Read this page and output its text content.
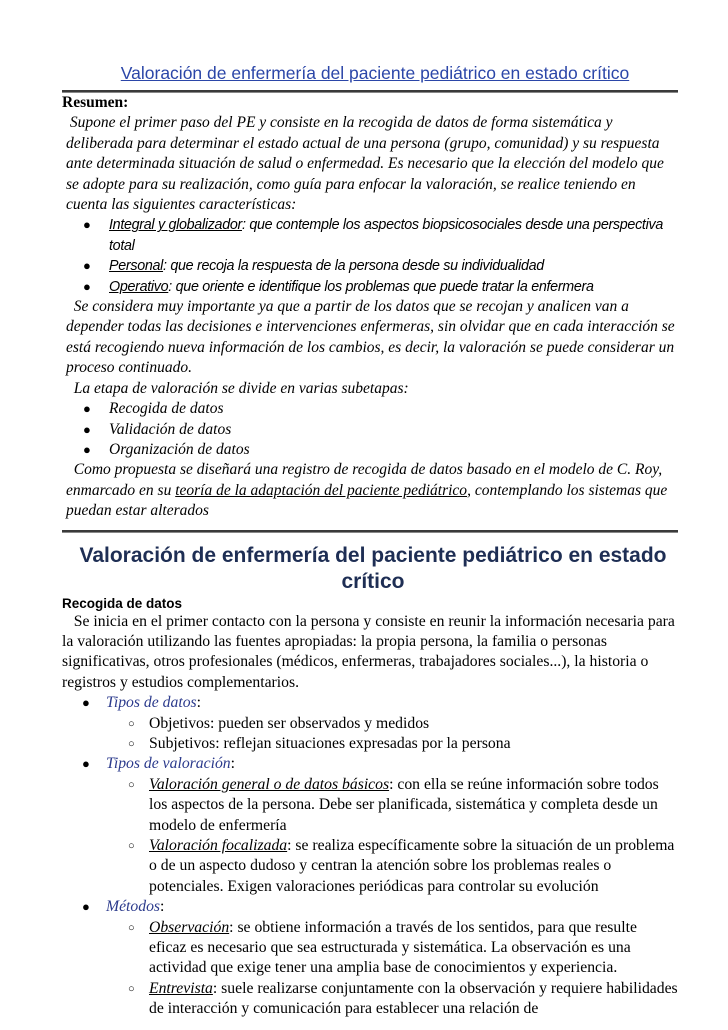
Valoración de enfermería del paciente pediátrico en estado crítico
Resumen:

Supone el primer paso del PE y consiste en la recogida de datos de forma sistemática y deliberada para determinar el estado actual de una persona (grupo, comunidad) y su respuesta ante determinada situación de salud o enfermedad. Es necesario que la elección del modelo que se adopte para su realización, como guía para enfocar la valoración, se realice teniendo en cuenta las siguientes características:

● Integral y globalizador: que contemple los aspectos biopsicosociales desde una perspectiva total
● Personal: que recoja la respuesta de la persona desde su individualidad
● Operativo: que oriente e identifique los problemas que puede tratar la enfermera

Se considera muy importante ya que a partir de los datos que se recojan y analicen van a depender todas las decisiones e intervenciones enfermeras, sin olvidar que en cada interacción se está recogiendo nueva información de los cambios, es decir, la valoración se puede considerar un proceso continuado.

La etapa de valoración se divide en varias subetapas:

● Recogida de datos
● Validación de datos
● Organización de datos

Como propuesta se diseñará una registro de recogida de datos basado en el modelo de C. Roy, enmarcado en su teoría de la adaptación del paciente pediátrico, contemplando los sistemas que puedan estar alterados

Valoración de enfermería del paciente pediátrico en estado crítico
Recogida de datos

Se inicia en el primer contacto con la persona y consiste en reunir la información necesaria para la valoración utilizando las fuentes apropiadas: la propia persona, la familia o personas significativas, otros profesionales (médicos, enfermeras, trabajadores sociales...), la historia o registros y estudios complementarios.

● Tipos de datos:
○ Objetivos: pueden ser observados y medidos
○ Subjetivos: reflejan situaciones expresadas por la persona
● Tipos de valoración:
○ Valoración general o de datos básicos: con ella se reúne información sobre todos los aspectos de la persona. Debe ser planificada, sistemática y completa desde un modelo de enfermería
○ Valoración focalizada: se realiza específicamente sobre la situación de un problema o de un aspecto dudoso y centran la atención sobre los problemas reales o potenciales. Exigen valoraciones periódicas para controlar su evolución
● Métodos:
○ Observación: se obtiene información a través de los sentidos, para que resulte eficaz es necesario que sea estructurada y sistemática. La observación es una actividad que exige tener una amplia base de conocimientos y experiencia.
○ Entrevista: suele realizarse conjuntamente con la observación y requiere habilidades de interacción y comunicación para establecer una relación de
